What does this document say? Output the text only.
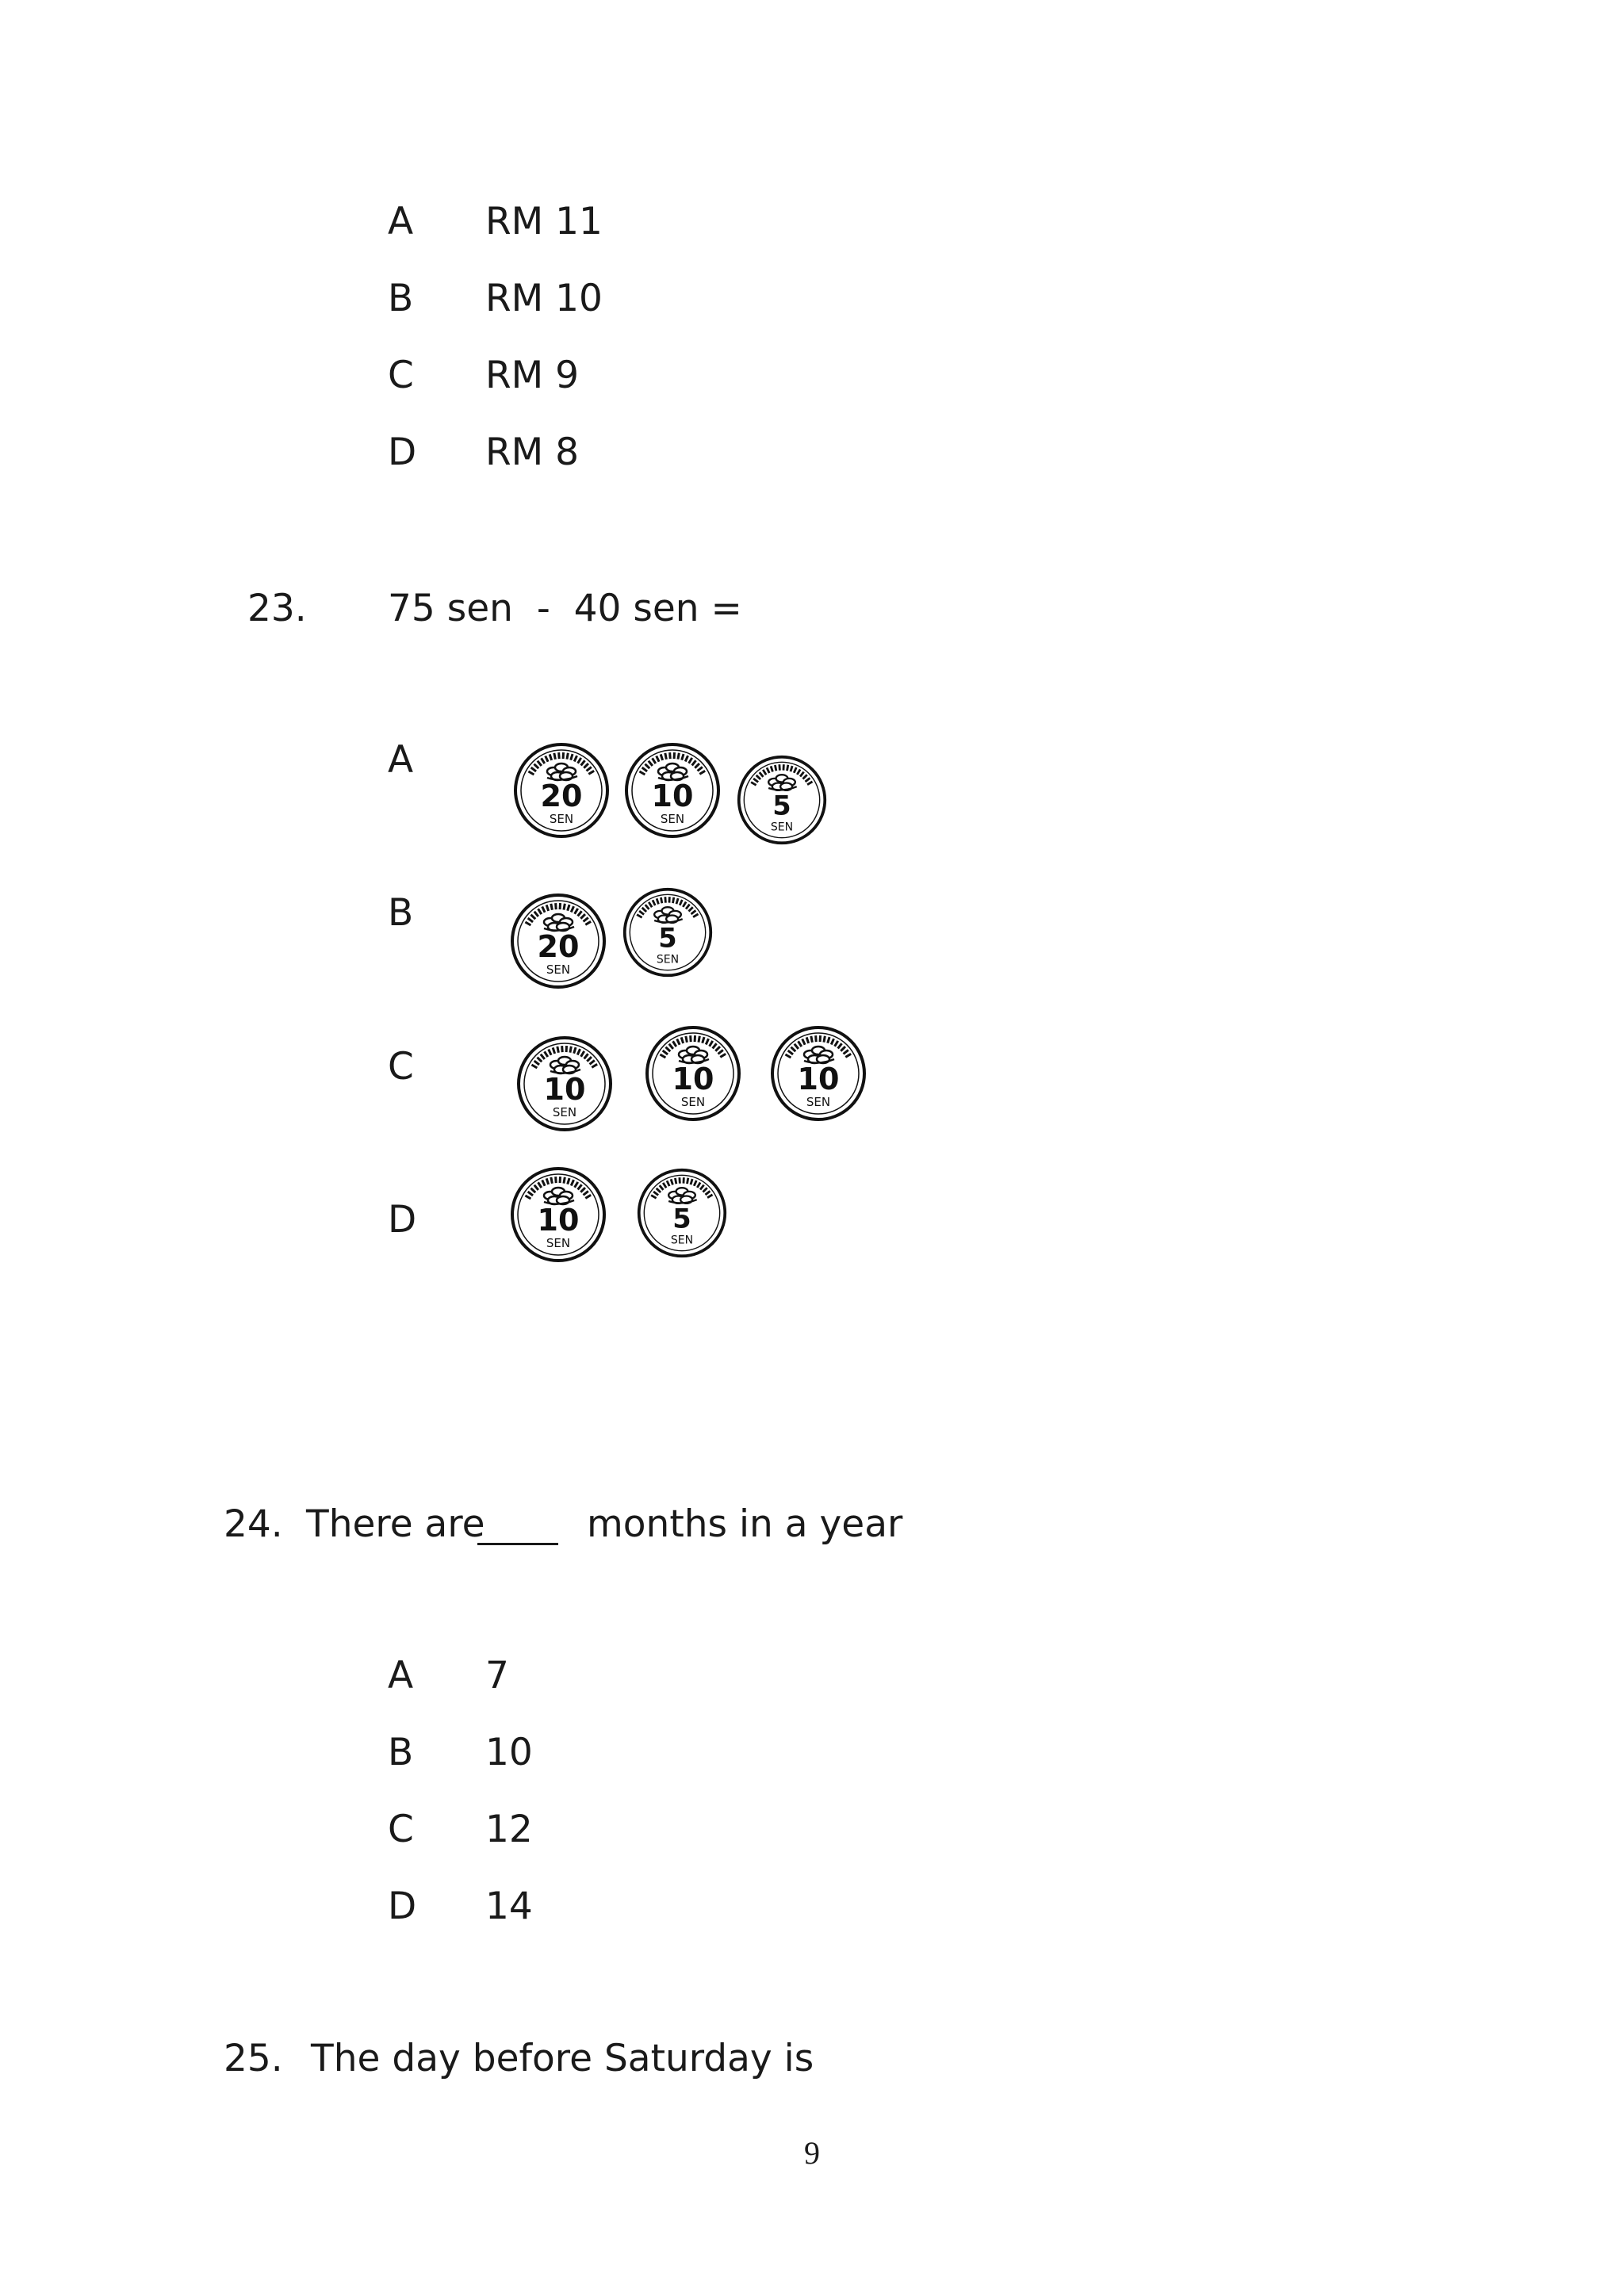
A RM 11
B RM 10
C RM 9
D RM 8
23. 75 sen  -  40 sen =
A
B
C
D
20
SEN
10
SEN	5
SEN
20
SEN
5
SEN
10
SEN
10
SEN
10
SEN
10
SEN
5
SEN
24. There are	months in a year
A 7
B 10
C 12
D 14
25. The day before Saturday is
9
